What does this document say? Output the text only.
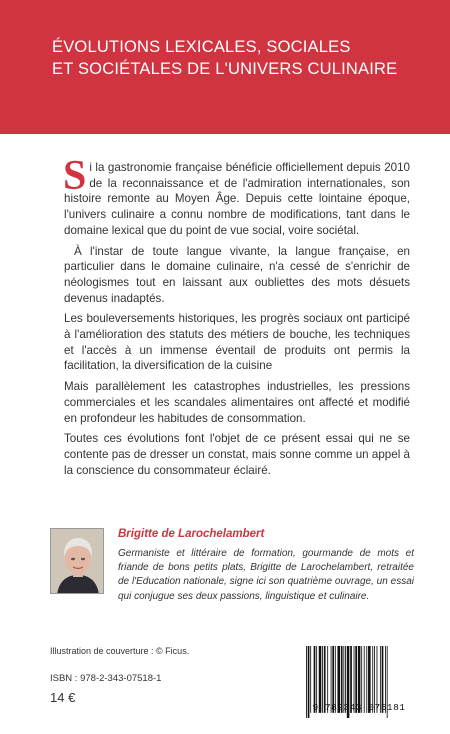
ÉVOLUTIONS LEXICALES, SOCIALES
ET SOCIÉTALES DE L'UNIVERS CULINAIRE

Si la gastronomie française bénéficie officiellement depuis 2010 de la reconnaissance et de l'admiration internationales, son histoire remonte au Moyen Âge. Depuis cette lointaine époque, l'univers culinaire a connu nombre de modifications, tant dans le domaine lexical que du point de vue social, voire sociétal.

À l'instar de toute langue vivante, la langue française, en particulier dans le domaine culinaire, n'a cessé de s'enrichir de néologismes tout en laissant aux oubliettes des mots désuets devenus inadaptés.

Les bouleversements historiques, les progrès sociaux ont participé à l'amélioration des statuts des métiers de bouche, les techniques et l'accès à un immense éventail de produits ont permis la facilitation, la diversification de la cuisine

Mais parallèlement les catastrophes industrielles, les pressions commerciales et les scandales alimentaires ont affecté et modifié en profondeur les habitudes de consommation.

Toutes ces évolutions font l'objet de ce présent essai qui ne se contente pas de dresser un constat, mais sonne comme un appel à la conscience du consommateur éclairé.

Brigitte de Larochelambert
Germaniste et littéraire de formation, gourmande de mots et friande de bons petits plats, Brigitte de Larochelambert, retraitée de l'Education nationale, signe ici son quatrième ouvrage, un essai qui conjugue ses deux passions, linguistique et culinaire.
Illustration de couverture : © Ficus.
ISBN : 978-2-343-07518-1
14 €
9 782343 075181
